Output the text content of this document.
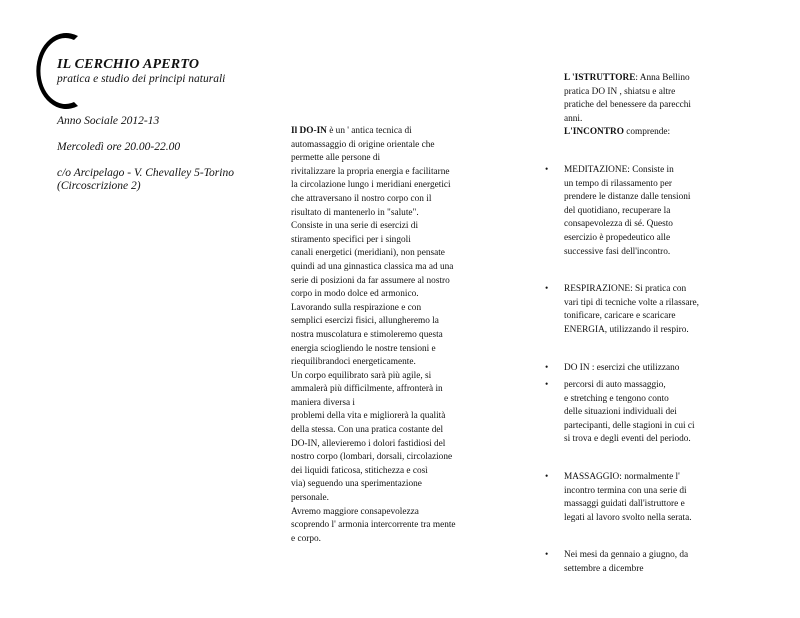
IL CERCHIO APERTO
pratica e studio dei principi naturali

Anno Sociale 2012-13

Mercoledì ore 20.00-22.00

c/o Arcipelago - V. Chevalley 5-Torino

(Circoscrizione 2)

Il DO-IN è un ' antica tecnica di

automassaggio di origine orientale che

permette alle persone di

rivitalizzare la propria energia e facilitarne

la circolazione lungo i meridiani energetici

che attraversano il nostro corpo con il

risultato di mantenerlo in "salute".

Consiste in una serie di esercizi di

stiramento specifici per i singoli

canali energetici (meridiani), non pensate

quindi ad una ginnastica classica ma ad una

serie di posizioni da far assumere al nostro

corpo in modo dolce ed armonico.

Lavorando sulla respirazione e con

semplici esercizi fisici, allungheremo la

nostra muscolatura e stimoleremo questa

energia sciogliendo le nostre tensioni e

riequilibrandoci energeticamente.

Un corpo equilibrato sarà più agile, si

ammalerà più difficilmente, affronterà in

maniera diversa i

problemi della vita e migliorerà la qualità

della stessa. Con una pratica costante del

DO-IN, allevieremo i dolori fastidiosi del

nostro corpo (lombari, dorsali, circolazione

dei liquidi faticosa, stitichezza e così

via) seguendo una sperimentazione

personale.

Avremo maggiore consapevolezza

scoprendo l' armonia intercorrente tra mente

e corpo.

L 'ISTRUTTORE: Anna Bellino

pratica DO IN , shiatsu e altre

pratiche del benessere da parecchi

anni.

L'INCONTRO comprende:

• MEDITAZIONE: Consiste in
un tempo di rilassamento per
prendere le distanze dalle tensioni
del quotidiano, recuperare la
consapevolezza di sé. Questo
esercizio è propedeutico alle
successive fasi dell'incontro.
• RESPIRAZIONE: Si pratica con
vari tipi di tecniche volte a rilassare,
tonificare, caricare e scaricare
ENERGIA, utilizzando il respiro.
• DO IN : esercizi che utilizzano
• percorsi di auto massaggio,
e stretching e tengono conto
delle situazioni individuali dei
partecipanti, delle stagioni in cui ci
si trova e degli eventi del periodo.
• MASSAGGIO: normalmente l'
incontro termina con una serie di
massaggi guidati dall'istruttore e
legati al lavoro svolto nella serata.
• Nei mesi da gennaio a giugno, da
settembre a dicembre
